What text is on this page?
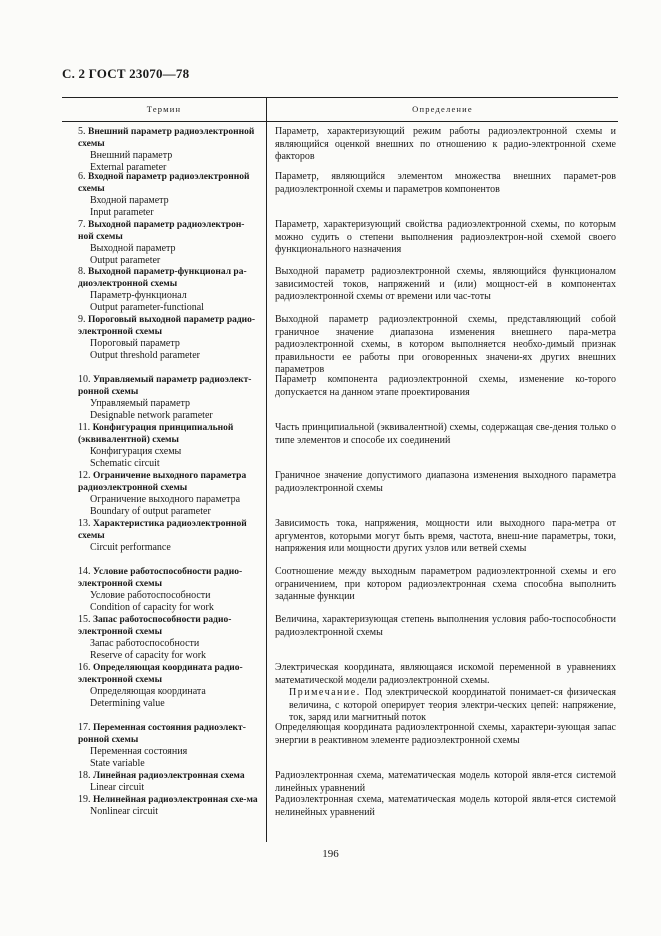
С. 2 ГОСТ 23070—78
Термин	Определение
5. Внешний параметр радиоэлектронной схемы
Внешний параметр
External parameter
Параметр, характеризующий режим работы радиоэлектронной схемы и являющийся оценкой внешних по отношению к радио-электронной схеме факторов
6. Входной параметр радиоэлектронной схемы
Входной параметр
Input parameter
Параметр, являющийся элементом множества внешних парамет-ров радиоэлектронной схемы и параметров компонентов
7. Выходной параметр радиоэлектрон-ной схемы
Выходной параметр
Output parameter
Параметр, характеризующий свойства радиоэлектронной схемы, по которым можно судить о степени выполнения радиоэлектрон-ной схемой своего функционального назначения
8. Выходной параметр-функционал ра-диоэлектронной схемы
Параметр-функционал
Output parameter-functional
Выходной параметр радиоэлектронной схемы, являющийся функционалом зависимостей токов, напряжений и (или) мощност-ей в компонентах радиоэлектронной схемы от времени или час-тоты
9. Пороговый выходной параметр радио-электронной схемы
Пороговый параметр
Output threshold parameter
Выходной параметр радиоэлектронной схемы, представляющий собой граничное значение диапазона изменения внешнего пара-метра радиоэлектронной схемы, в котором выполняется необхо-димый признак правильности ее работы при оговоренных значени-ях других внешних параметров
10. Управляемый параметр радиоэлект-ронной схемы
Управляемый параметр
Designable network parameter
Параметр компонента радиоэлектронной схемы, изменение ко-торого допускается на данном этапе проектирования
11. Конфигурация принципиальной (эквивалентной) схемы
Конфигурация схемы
Schematic circuit
Часть принципиальной (эквивалентной) схемы, содержащая све-дения только о типе элементов и способе их соединений
12. Ограничение выходного параметра радиоэлектронной схемы
Ограничение выходного параметра
Boundary of output parameter
Граничное значение допустимого диапазона изменения выходного параметра радиоэлектронной схемы
13. Характеристика радиоэлектронной схемы
Circuit performance
Зависимость тока, напряжения, мощности или выходного пара-метра от аргументов, которыми могут быть время, частота, внеш-ние параметры, токи, напряжения или мощности других узлов или ветвей схемы
14. Условие работоспособности радио-электронной схемы
Условие работоспособности
Condition of capacity for work
Соотношение между выходным параметром радиоэлектронной схемы и его ограничением, при котором радиоэлектронная схема способна выполнить заданные функции
15. Запас работоспособности радио-электронной схемы
Запас работоспособности
Reserve of capacity for work
Величина, характеризующая степень выполнения условия рабо-тоспособности радиоэлектронной схемы
16. Определяющая координата радио-электронной схемы
Определяющая координата
Determining value
Электрическая координата, являющаяся искомой переменной в уравнениях математической модели радиоэлектронной схемы.
Примечание. Под электрической координатой понимает-ся физическая величина, с которой оперирует теория электри-ческих цепей: напряжение, ток, заряд или магнитный поток
17. Переменная состояния радиоэлект-ронной схемы
Переменная состояния
State variable
Определяющая координата радиоэлектронной схемы, характери-зующая запас энергии в реактивном элементе радиоэлектронной схемы
18. Линейная радиоэлектронная схема
Linear circuit
Радиоэлектронная схема, математическая модель которой явля-ется системой линейных уравнений
19. Нелинейная радиоэлектронная схе-ма
Nonlinear circuit
Радиоэлектронная схема, математическая модель которой явля-ется системой нелинейных уравнений
196
